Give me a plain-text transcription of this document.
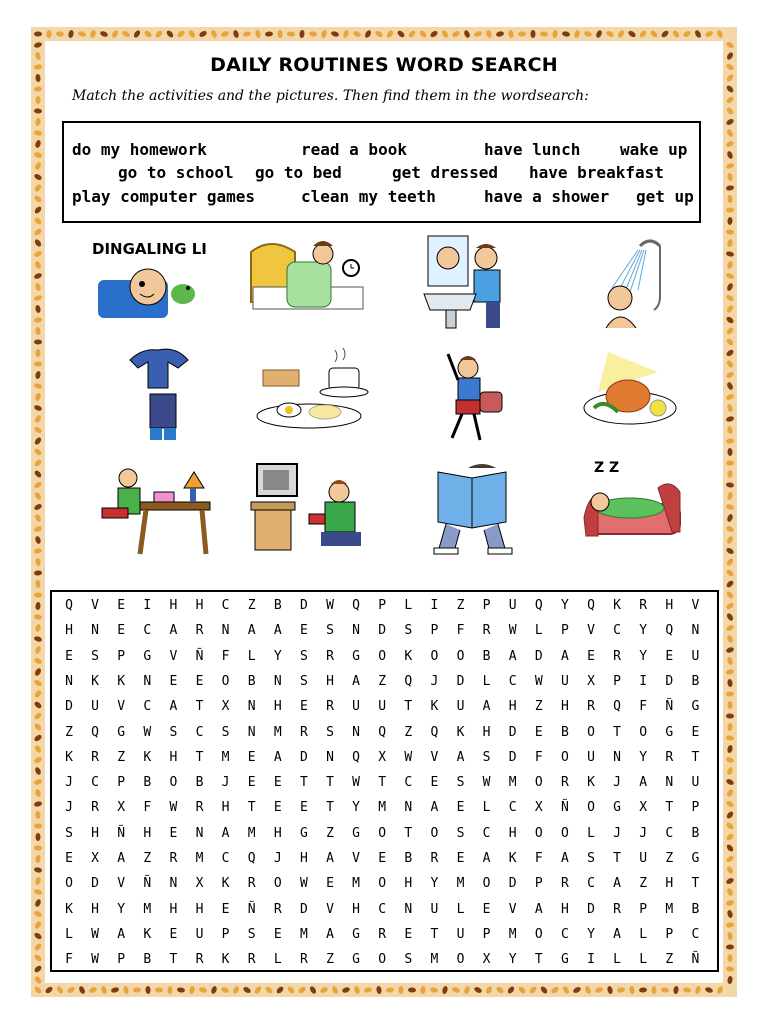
DAILY ROUTINES WORD SEARCH
Match the activities and the pictures. Then find them in the wordsearch:
do my homework	read a book	have lunch wake up
go to school go to bed	get dressed have breakfast
play computer games	clean my teeth	have a shower get up
DINGALING LI
Z Z
Q	V	E	I	H	H	C	Z	B	D	W	Q	P	L	I	Z	P	U	Q	Y	Q	K	R	H	V
H	N	E	C	A	R	N	A	A	E	S	N	D	S	P	F	R	W	L	P	V	C	Y	Q	N
E	S	P	G	V	Ñ	F	L	Y	S	R	G	O	K	O	O	B	A	D	A	E	R	Y	E	U
N	K	K	N	E	E	O	B	N	S	H	A	Z	Q	J	D	L	C	W	U	X	P	I	D	B
D	U	V	C	A	T	X	N	H	E	R	U	U	T	K	U	A	H	Z	H	R	Q	F	Ñ	G
Z	Q	G	W	S	C	S	N	M	R	S	N	Q	Z	Q	K	H	D	E	B	O	T	O	G	E
K	R	Z	K	H	T	M	E	A	D	N	Q	X	W	V	A	S	D	F	O	U	N	Y	R	T
J	C	P	B	O	B	J	E	E	T	T	W	T	C	E	S	W	M	O	R	K	J	A	N	U
J	R	X	F	W	R	H	T	E	E	T	Y	M	N	A	E	L	C	X	Ñ	O	G	X	T	P
S	H	Ñ	H	E	N	A	M	H	G	Z	G	O	T	O	S	C	H	O	O	L	J	J	C	B
E	X	A	Z	R	M	C	Q	J	H	A	V	E	B	R	E	A	K	F	A	S	T	U	Z	G
O	D	V	Ñ	N	X	K	R	O	W	E	M	O	H	Y	M	O	D	P	R	C	A	Z	H	T
K	H	Y	M	H	H	E	Ñ	R	D	V	H	C	N	U	L	E	V	A	H	D	R	P	M	B
L	W	A	K	E	U	P	S	E	M	A	G	R	E	T	U	P	M	O	C	Y	A	L	P	C
F	W	P	B	T	R	K	R	L	R	Z	G	O	S	M	O	X	Y	T	G	I	L	L	Z	Ñ
